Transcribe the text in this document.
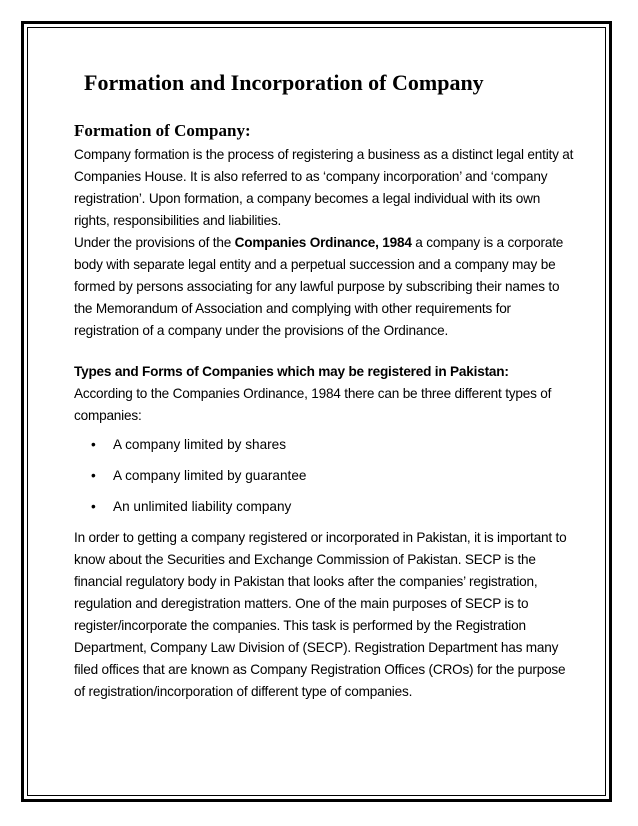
Formation and Incorporation of Company
Formation of Company:

Company formation is the process of registering a business as a distinct legal entity at Companies House. It is also referred to as ‘company incorporation’ and ‘company registration’. Upon formation, a company becomes a legal individual with its own rights, responsibilities and liabilities.

Under the provisions of the Companies Ordinance, 1984 a company is a corporate body with separate legal entity and a perpetual succession and a company may be formed by persons associating for any lawful purpose by subscribing their names to the Memorandum of Association and complying with other requirements for registration of a company under the provisions of the Ordinance.

Types and Forms of Companies which may be registered in Pakistan:

According to the Companies Ordinance, 1984 there can be three different types of companies:

• A company limited by shares
• A company limited by guarantee
• An unlimited liability company

In order to getting a company registered or incorporated in Pakistan, it is important to know about the Securities and Exchange Commission of Pakistan. SECP is the financial regulatory body in Pakistan that looks after the companies’ registration, regulation and deregistration matters. One of the main purposes of SECP is to register/incorporate the companies. This task is performed by the Registration Department, Company Law Division of (SECP). Registration Department has many filed offices that are known as Company Registration Offices (CROs) for the purpose of registration/incorporation of different type of companies.
